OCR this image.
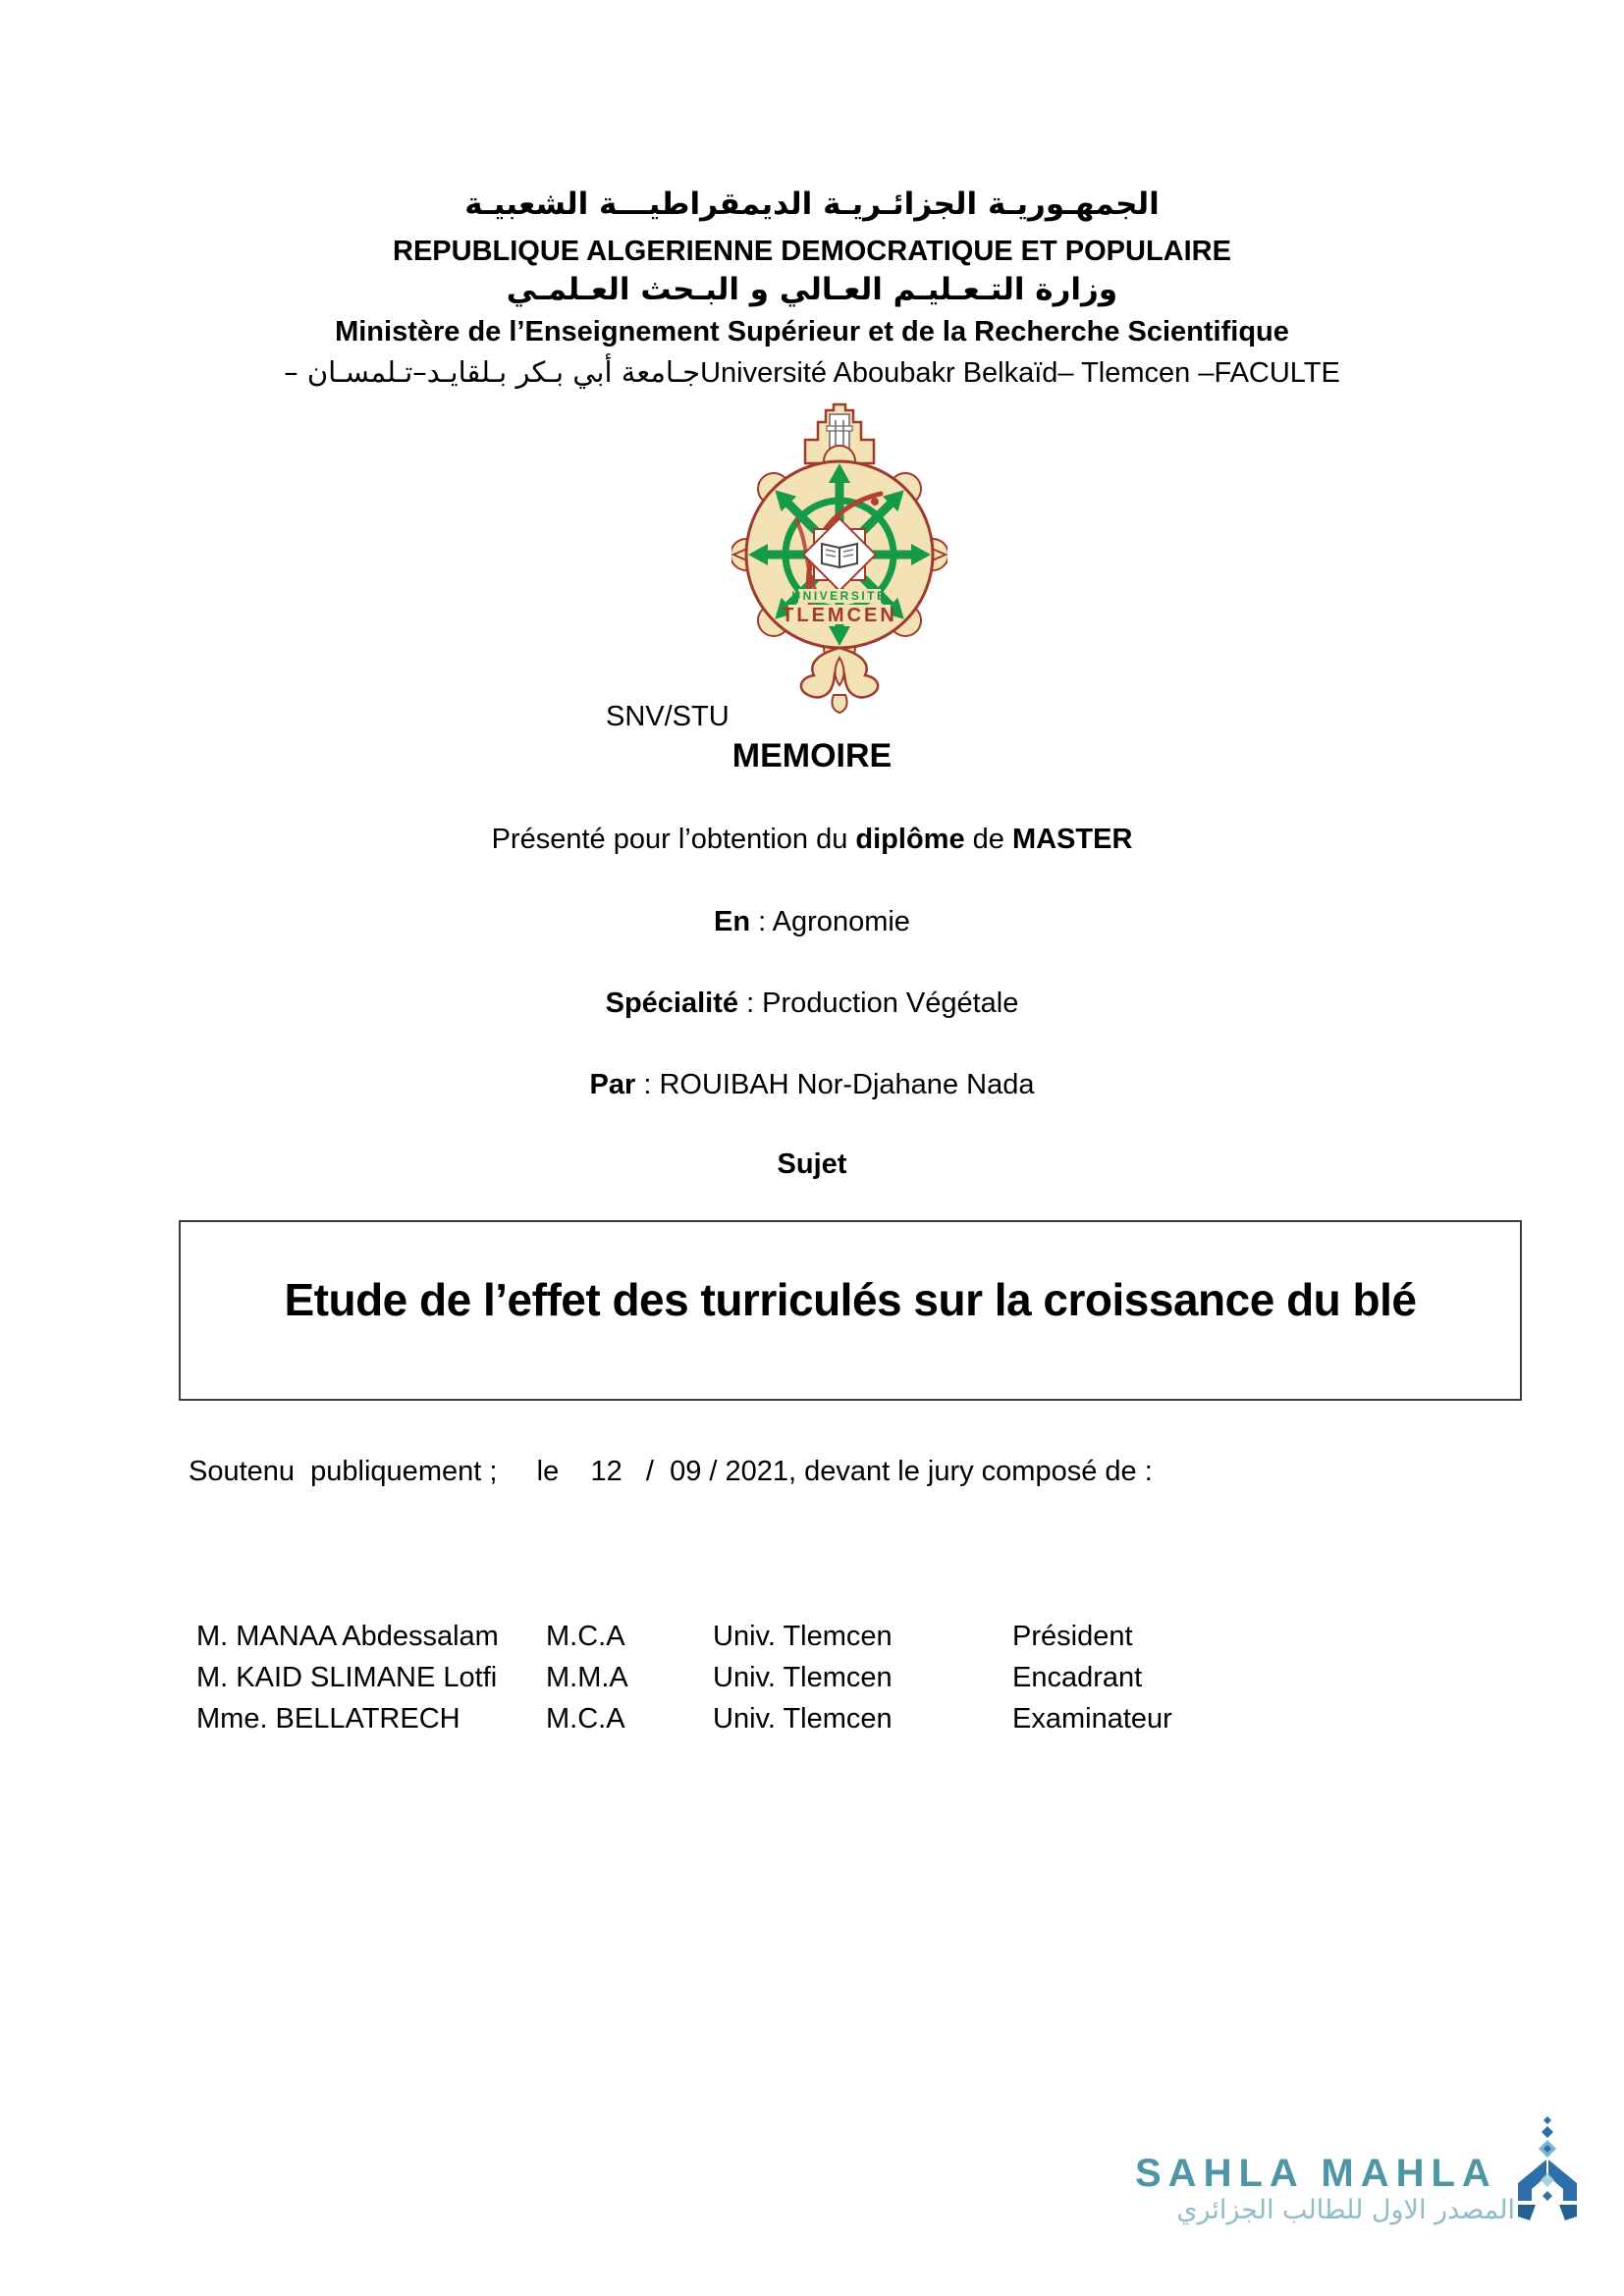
الجمهـوريـة الجزائـريـة الديمقراطيـــة الشعبيـة
REPUBLIQUE ALGERIENNE DEMOCRATIQUE ET POPULAIRE
وزارة التـعـليـم العـالي و البـحث العـلمـي
Ministère de l’Enseignement Supérieur et de la Recherche Scientifique
جـامعة أبي بـكر بـلقايـد–تـلمسـان –Université Aboubakr Belkaïd– Tlemcen –FACULTE
UNIVERSITE
TLEMCEN
SNV/STU
MEMOIRE
Présenté pour l’obtention du diplôme de MASTER
En : Agronomie
Spécialité : Production Végétale
Par : ROUIBAH Nor-Djahane Nada
Sujet
Etude de l’effet des turriculés sur la croissance du blé
Soutenu  publiquement ;     le    12   /  09 / 2021, devant le jury composé de :
M. MANAA Abdessalam	M.C.A	Univ. Tlemcen	Président
M. KAID SLIMANE Lotfi	M.M.A	Univ. Tlemcen	Encadrant
Mme. BELLATRECH	M.C.A	Univ. Tlemcen	Examinateur
SAHLA MAHLA
المصدر الاول للطالب الجزائري
